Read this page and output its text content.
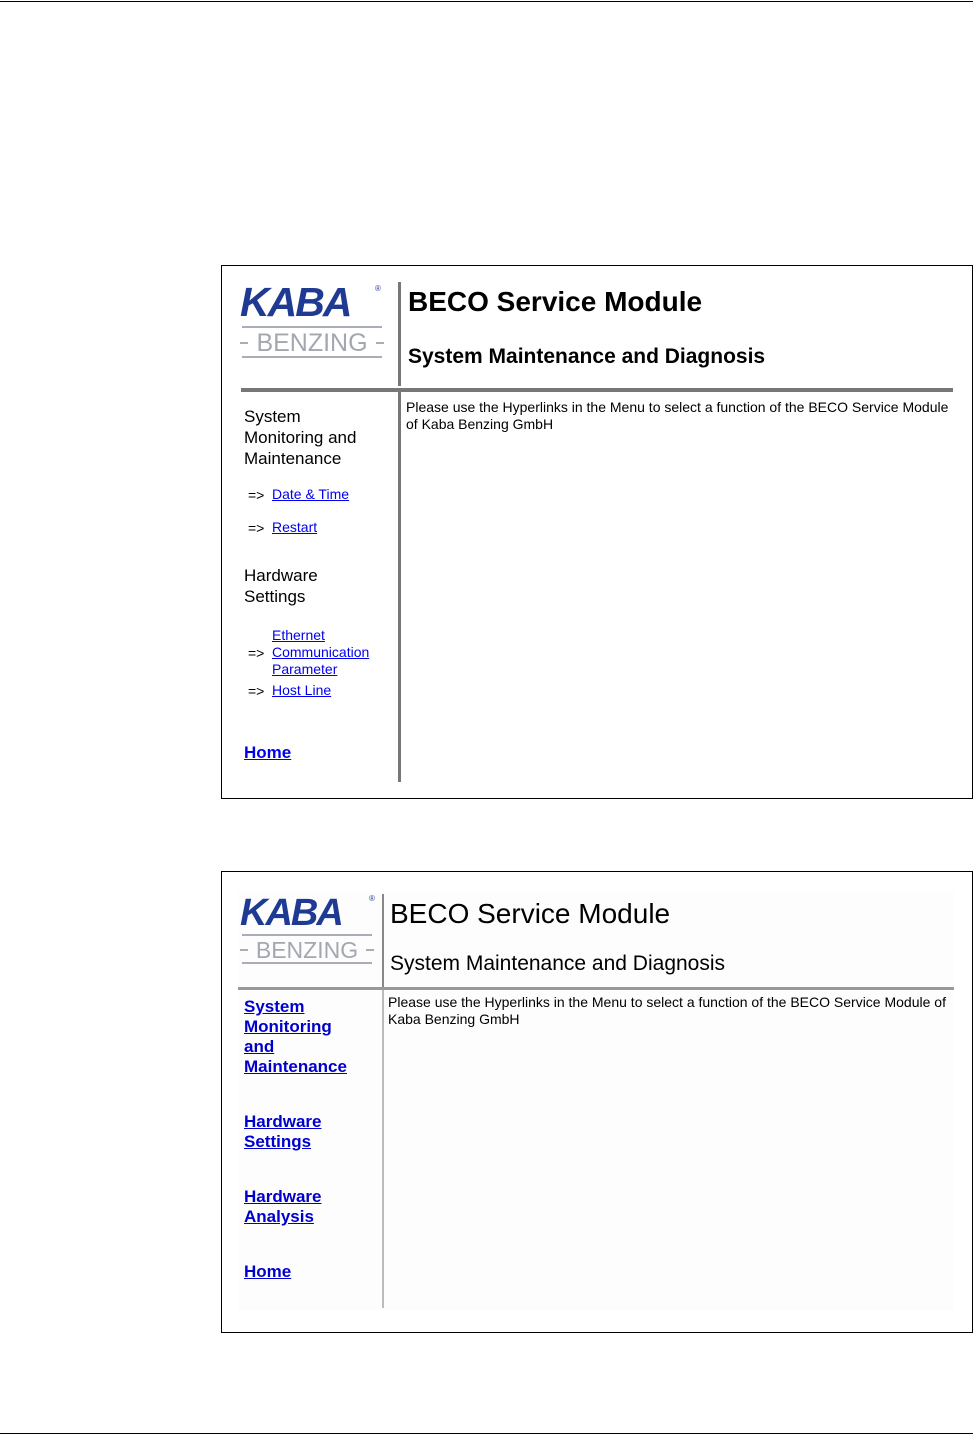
KABA	®
BENZING
BECO Service Module
System Maintenance and Diagnosis
Please use the Hyperlinks in the Menu to select a function of the BECO Service Module of Kaba Benzing GmbH
System
Monitoring and
Maintenance
=> Date & Time
=> Restart
Hardware
Settings
=>
Ethernet
Communication
Parameter
=> Host Line
Home
KABA	®
BENZING
BECO Service Module
System Maintenance and Diagnosis
Please use the Hyperlinks in the Menu to select a function of the BECO Service Module of Kaba Benzing GmbH
System
Monitoring
and
Maintenance
Hardware
Settings
Hardware
Analysis
Home
